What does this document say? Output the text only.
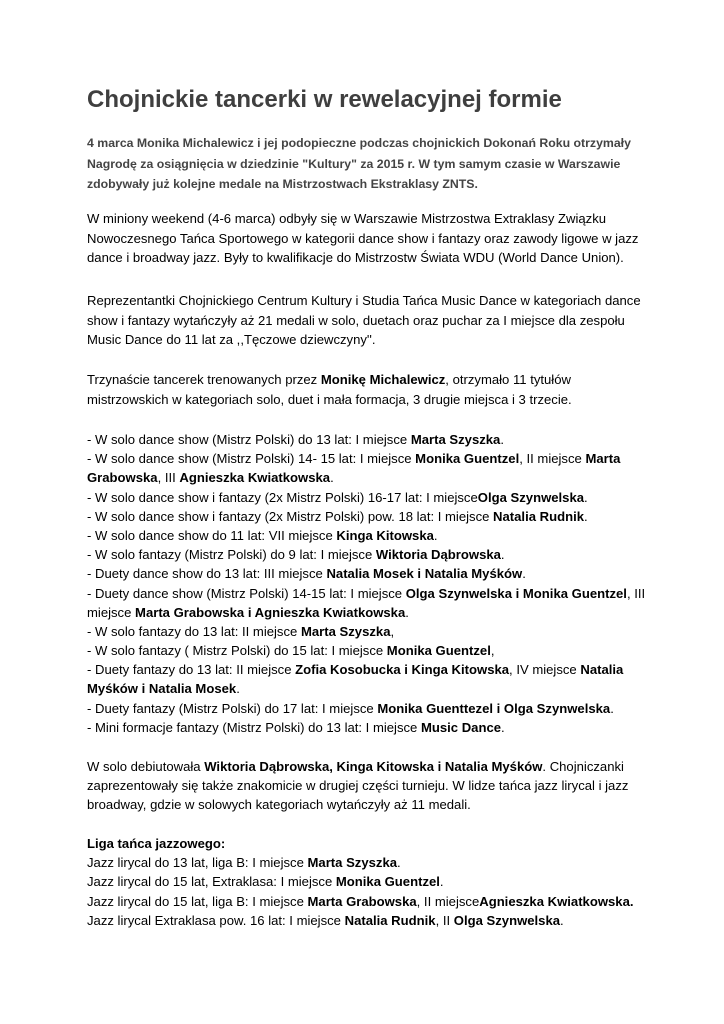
Chojnickie tancerki w rewelacyjnej formie

4 marca Monika Michalewicz i jej podopieczne podczas chojnickich Dokonań Roku otrzymały Nagrodę za osiągnięcia w dziedzinie "Kultury" za 2015 r. W tym samym czasie w Warszawie zdobywały już kolejne medale na Mistrzostwach Ekstraklasy ZNTS.

W miniony weekend (4-6 marca) odbyły się w Warszawie Mistrzostwa Extraklasy Związku Nowoczesnego Tańca Sportowego w kategorii dance show i fantazy oraz zawody ligowe w jazz dance i broadway jazz. Były to kwalifikacje do Mistrzostw Świata WDU (World Dance Union).

Reprezentantki Chojnickiego Centrum Kultury i Studia Tańca Music Dance w kategoriach dance show i fantazy wytańczyły aż 21 medali w solo, duetach oraz puchar za I miejsce dla zespołu Music Dance do 11 lat za ,,Tęczowe dziewczyny''.

Trzynaście tancerek trenowanych przez Monikę Michalewicz, otrzymało 11 tytułów mistrzowskich w kategoriach solo, duet i mała formacja, 3 drugie miejsca i 3 trzecie.

- W solo dance show (Mistrz Polski) do 13 lat: I miejsce Marta Szyszka.
- W solo dance show (Mistrz Polski) 14- 15 lat: I miejsce Monika Guentzel, II miejsce Marta
Grabowska, III Agnieszka Kwiatkowska.
- W solo dance show i fantazy (2x Mistrz Polski) 16-17 lat: I miejsceOlga Szynwelska.
- W solo dance show i fantazy (2x Mistrz Polski) pow. 18 lat: I miejsce Natalia Rudnik.
- W solo dance show do 11 lat: VII miejsce Kinga Kitowska.
- W solo fantazy (Mistrz Polski) do 9 lat: I miejsce Wiktoria Dąbrowska.
- Duety dance show do 13 lat: III miejsce Natalia Mosek i Natalia Myśków.
- Duety dance show (Mistrz Polski) 14-15 lat: I miejsce Olga Szynwelska i Monika Guentzel, III
miejsce Marta Grabowska i Agnieszka Kwiatkowska.
- W solo fantazy do 13 lat: II miejsce Marta Szyszka,
- W solo fantazy ( Mistrz Polski) do 15 lat: I miejsce Monika Guentzel,
- Duety fantazy do 13 lat: II miejsce Zofia Kosobucka i Kinga Kitowska, IV miejsce Natalia
Myśków i Natalia Mosek.
- Duety fantazy (Mistrz Polski) do 17 lat: I miejsce Monika Guenttezel i Olga Szynwelska.
- Mini formacje fantazy (Mistrz Polski) do 13 lat: I miejsce Music Dance.
W solo debiutowała Wiktoria Dąbrowska, Kinga Kitowska i Natalia Myśków. Chojniczanki
zaprezentowały się także znakomicie w drugiej części turnieju. W lidze tańca jazz lirycal i jazz
broadway, gdzie w solowych kategoriach wytańczyły aż 11 medali.
Liga tańca jazzowego:
Jazz lirycal do 13 lat, liga B: I miejsce Marta Szyszka.
Jazz lirycal do 15 lat, Extraklasa: I miejsce Monika Guentzel.
Jazz lirycal do 15 lat, liga B: I miejsce Marta Grabowska, II miejsceAgnieszka Kwiatkowska.
Jazz lirycal Extraklasa pow. 16 lat: I miejsce Natalia Rudnik, II Olga Szynwelska.
